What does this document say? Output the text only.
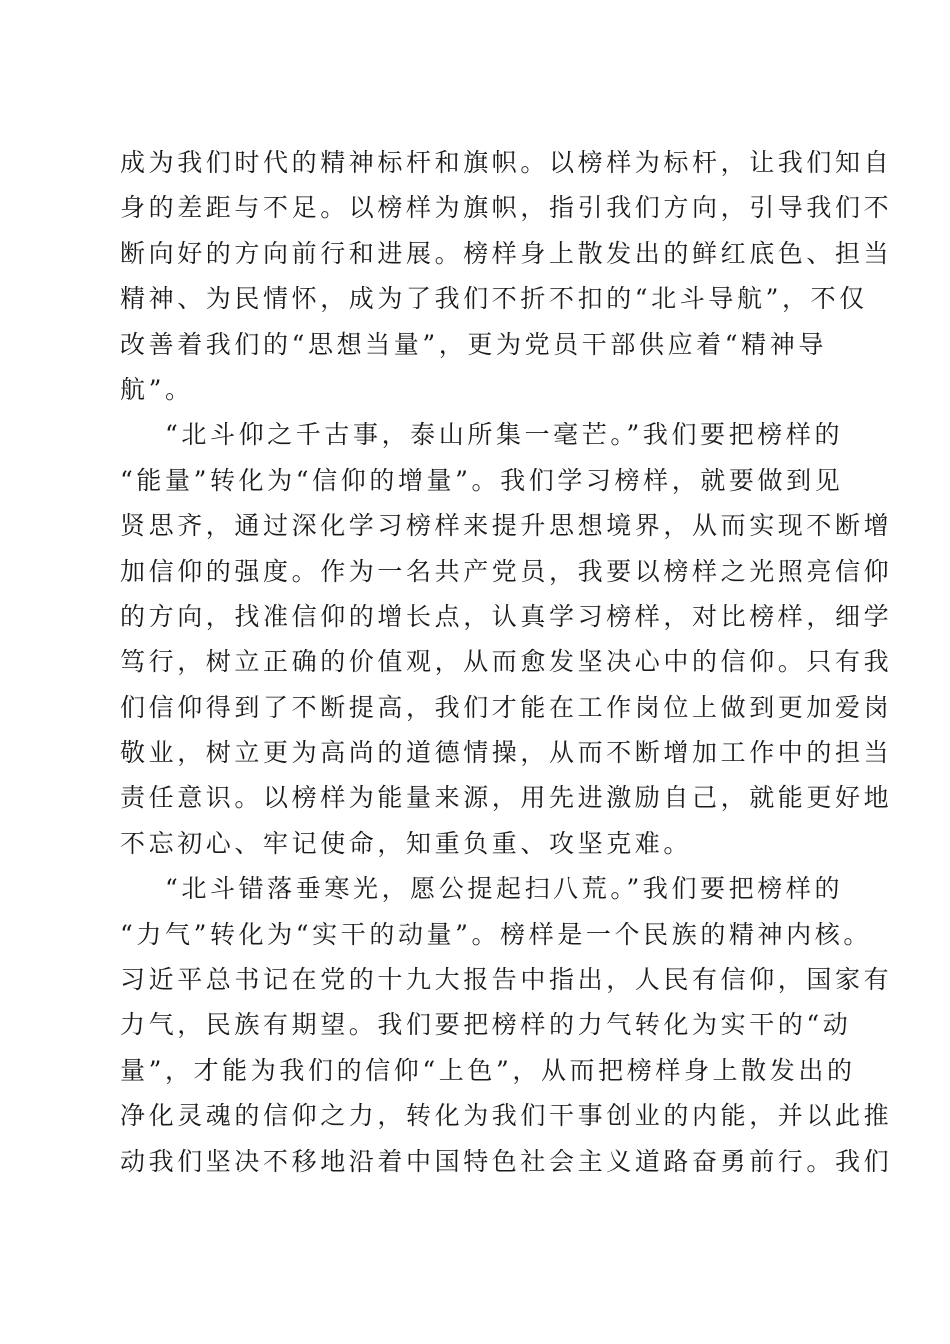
成为我们时代的精神标杆和旗帜。以榜样为标杆，让我们知自
身的差距与不足。以榜样为旗帜，指引我们方向，引导我们不
断向好的方向前行和进展。榜样身上散发出的鲜红底色、担当
精神、为民情怀，成为了我们不折不扣的“北斗导航”，不仅
改善着我们的“思想当量”，更为党员干部供应着“精神导
航”。
“北斗仰之千古事，泰山所集一毫芒。”我们要把榜样的
“能量”转化为“信仰的增量”。我们学习榜样，就要做到见
贤思齐，通过深化学习榜样来提升思想境界，从而实现不断增
加信仰的强度。作为一名共产党员，我要以榜样之光照亮信仰
的方向，找准信仰的增长点，认真学习榜样，对比榜样，细学
笃行，树立正确的价值观，从而愈发坚决心中的信仰。只有我
们信仰得到了不断提高，我们才能在工作岗位上做到更加爱岗
敬业，树立更为高尚的道德情操，从而不断增加工作中的担当
责任意识。以榜样为能量来源，用先进激励自己，就能更好地
不忘初心、牢记使命，知重负重、攻坚克难。
“北斗错落垂寒光，愿公提起扫八荒。”我们要把榜样的
“力气”转化为“实干的动量”。榜样是一个民族的精神内核。
习近平总书记在党的十九大报告中指出，人民有信仰，国家有
力气，民族有期望。我们要把榜样的力气转化为实干的“动
量”，才能为我们的信仰“上色”，从而把榜样身上散发出的
净化灵魂的信仰之力，转化为我们干事创业的内能，并以此推
动我们坚决不移地沿着中国特色社会主义道路奋勇前行。我们
